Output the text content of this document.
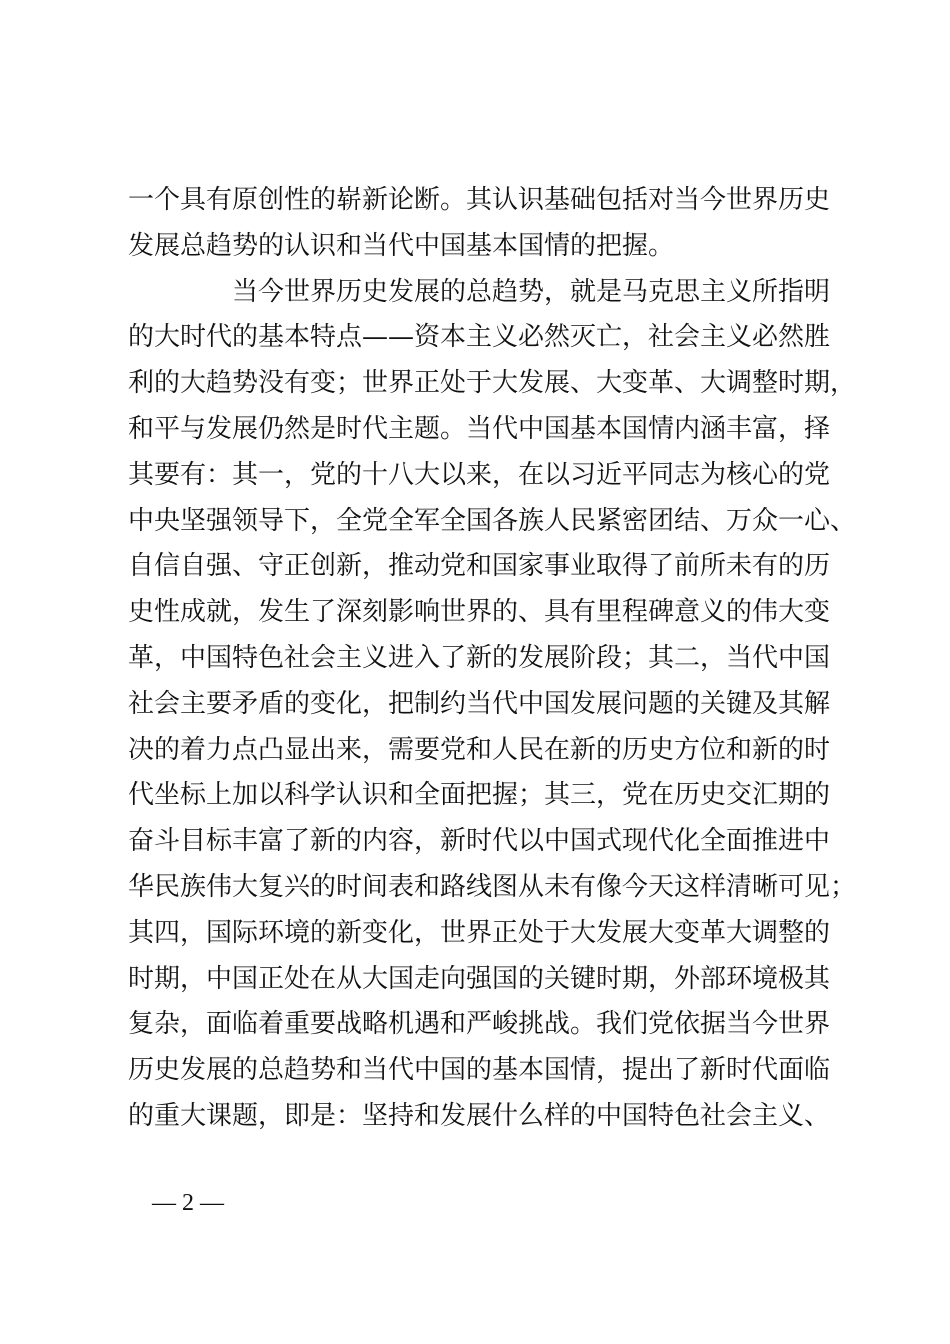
一个具有原创性的崭新论断。其认识基础包括对当今世界历史
发展总趋势的认识和当代中国基本国情的把握。
当今世界历史发展的总趋势，就是马克思主义所指明
的大时代的基本特点——资本主义必然灭亡，社会主义必然胜
利的大趋势没有变；世界正处于大发展、大变革、大调整时期，
和平与发展仍然是时代主题。当代中国基本国情内涵丰富，择
其要有：其一，党的十八大以来，在以习近平同志为核心的党
中央坚强领导下，全党全军全国各族人民紧密团结、万众一心、
自信自强、守正创新，推动党和国家事业取得了前所未有的历
史性成就，发生了深刻影响世界的、具有里程碑意义的伟大变
革，中国特色社会主义进入了新的发展阶段；其二，当代中国
社会主要矛盾的变化，把制约当代中国发展问题的关键及其解
决的着力点凸显出来，需要党和人民在新的历史方位和新的时
代坐标上加以科学认识和全面把握；其三，党在历史交汇期的
奋斗目标丰富了新的内容，新时代以中国式现代化全面推进中
华民族伟大复兴的时间表和路线图从未有像今天这样清晰可见；
其四，国际环境的新变化，世界正处于大发展大变革大调整的
时期，中国正处在从大国走向强国的关键时期，外部环境极其
复杂，面临着重要战略机遇和严峻挑战。我们党依据当今世界
历史发展的总趋势和当代中国的基本国情，提出了新时代面临
的重大课题，即是：坚持和发展什么样的中国特色社会主义、
— 2 —
